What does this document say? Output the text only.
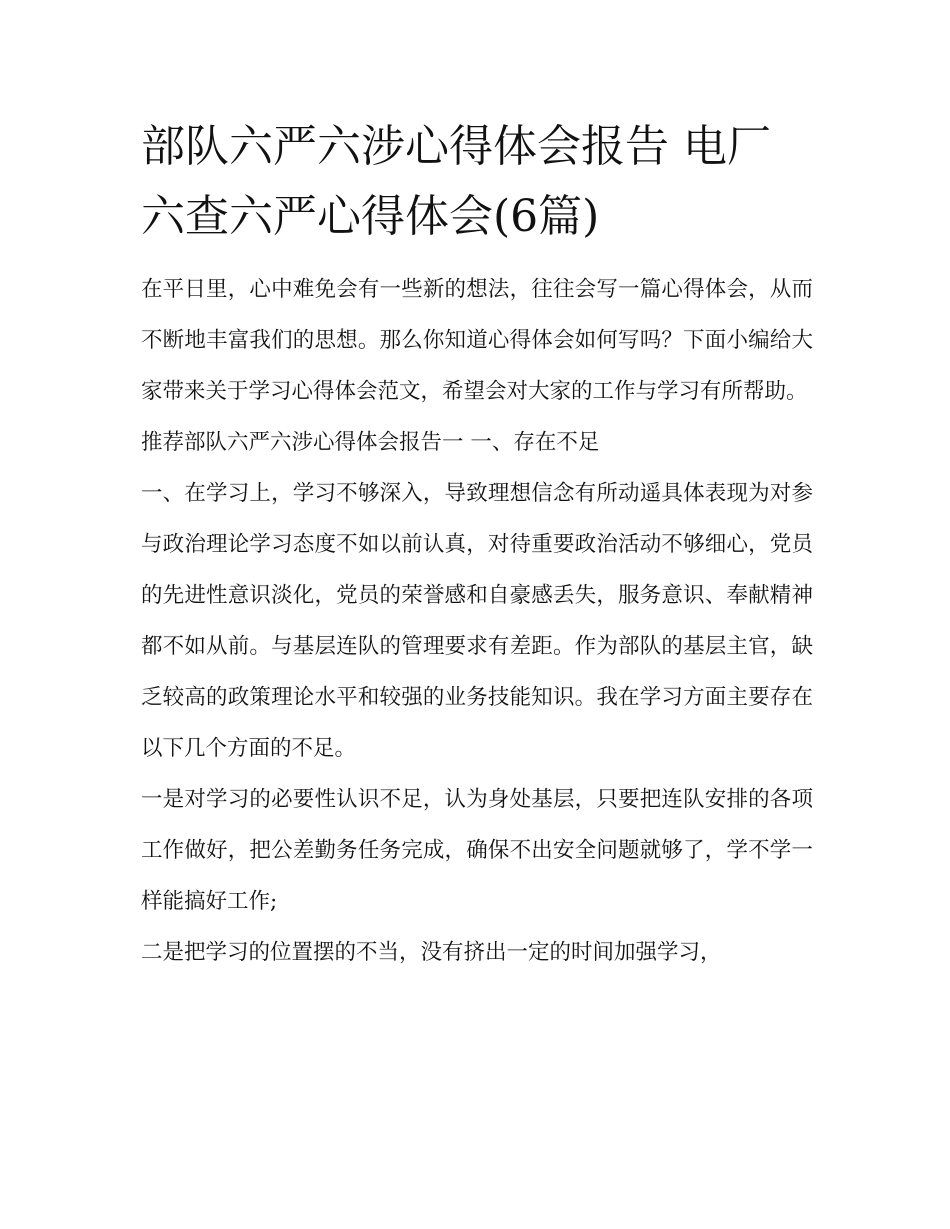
部队六严六涉心得体会报告 电厂六查六严心得体会(6篇)

在平日里，心中难免会有一些新的想法，往往会写一篇心得体会，从而不断地丰富我们的思想。那么你知道心得体会如何写吗？下面小编给大家带来关于学习心得体会范文，希望会对大家的工作与学习有所帮助。

推荐部队六严六涉心得体会报告一 一、存在不足

一、在学习上，学习不够深入，导致理想信念有所动遥具体表现为对参与政治理论学习态度不如以前认真，对待重要政治活动不够细心，党员的先进性意识淡化，党员的荣誉感和自豪感丢失，服务意识、奉献精神都不如从前。与基层连队的管理要求有差距。作为部队的基层主官，缺乏较高的政策理论水平和较强的业务技能知识。我在学习方面主要存在以下几个方面的不足。

一是对学习的必要性认识不足，认为身处基层，只要把连队安排的各项工作做好，把公差勤务任务完成，确保不出安全问题就够了，学不学一样能搞好工作;

二是把学习的位置摆的不当，没有挤出一定的时间加强学习，
